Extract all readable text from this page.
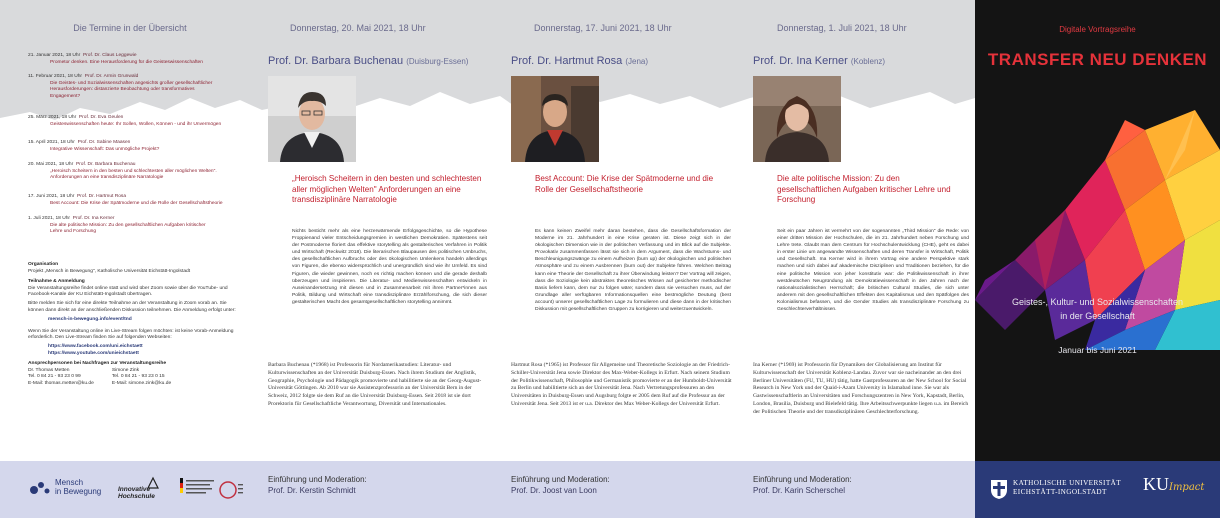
Die Termine in der Übersicht
21. Januar 2021, 18 Uhr Prof. Dr. Claus Leggewie
Prometor denken. Eine Herausforderung für die Geisteswissenschaften
11. Februar 2021, 18 Uhr Prof. Dr. Armin Grunwald
Die Geistes- und Sozialwissenschaften angesichts großer gesellschaftlicher Herausforderungen: distanzierte Beobachtung oder transformatives Engagement?
25. März 2021, 18 Uhr Prof. Dr. Eva Geulen
Geisteswissenschaften heute: Ihr Sollen, Wollen, Können - und ihr Unvermögen
15. April 2021, 18 Uhr Prof. Dr. Sabine Maasen
Integrative Wissenschaft: Das unmögliche Projekt?
20. Mai 2021, 18 Uhr Prof. Dr. Barbara Buchenau
„Heroisch Scheitern in den besten und schlechtesten aller möglichen Welten". Anforderungen an eine transdisziplinäre Narratologie
17. Juni 2021, 18 Uhr Prof. Dr. Hartmut Rosa
Best Account: Die Krise der Spätmoderne und die Rolle der Gesellschaftstheorie
1. Juli 2021, 18 Uhr Prof. Dr. Ina Kerner
Die alte politische Mission: Zu den gesellschaftlichen Aufgaben kritischer Lehre und Forschung
Organisation
Projekt „Mensch in Bewegung", Katholische Universität Eichstätt-Ingolstadt
Teilnahme & Anmeldung
Die Veranstaltungsreihe findet online statt und wird über Zoom sowie über die YouTube- und Facebook-Kanäle der KU Eichstätt-Ingolstadt übertragen.
Bitte melden Sie sich für eine direkte Teilnahme an der Veranstaltung in Zoom vorab an. Sie können dann direkt an der anschließenden Diskussion teilnehmen. Die Anmeldung erfolgt unter:
mensch-in-bewegung.info/event/tnd
Wenn Sie der Veranstaltung online im Live-Stream folgen möchten: ist keine Vorab-Anmeldung erforderlich. Den Live-Stream finden Sie auf folgenden Webseiten:
https://www.facebook.com/uni.eichstaett
https://www.youtube.com/unieichstaett
Ansprechpersonen bei Nachfragen zur Veranstaltungsreihe
Dr. Thomas Metten
Tel. 0 84 21 - 93 23 0 99
E-Mail: thomas.metten@ku.de
Simone Zink
Tel. 0 84 21 - 93 23 0 15
E-Mail: simone.zink@ku.de
Donnerstag, 20. Mai 2021, 18 Uhr
Prof. Dr. Barbara Buchenau (Duisburg-Essen)
„Heroisch Scheitern in den besten und schlechtesten aller möglichen Welten" Anforderungen an eine transdisziplinäre Narratologie
Nichts besticht mehr als eine herzerwärmende Erfolgsgeschichte, so die Hypothese Froppienand vieler Entscheidungsgremien in westlichen Demokratien. Spätestens seit der Postmoderne floriert das effektive storytelling als gestalterisches Verfahren in Politik und Wirtschaft (Reckwitz 2018). Die literarischen Blaupausen des politischen Umbruchs, des gesellschaftlichen Aufbruchs oder des ökologischen Umlenkens handeln allerdings von Figuren, die ebenso widersprüchlich und unergründlich sind wie ihr Umfeld. Es sind Figuren, die wieder gewinnen, noch es richtig machen können und die gerade deshalb überzeugen und inspirieren. Die Literatur- und Medienwissenschaften entwickeln in Auseinandersetzung mit diesen und in Zusammenarbeit mit ihren Partner*innen aus Politik, Bildung und Wirtschaft eine transdisziplinäre Erzählforschung, die sich dieser gestalterischen Macht des gesamtgesellschaftlichen storytelling annimmt.
Barbara Buchenau (*1968) ist Professorin für Nordamerikastudien: Literatur- und Kulturwissenschaften an der Universität Duisburg-Essen. Nach ihrem Studium der Anglistik, Geographie, Psychologie und Pädagogik promovierte und habilitierte sie an der Georg-August-Universität Göttingen. Ab 2010 war sie Assistenzprofessorin an der Universität Bern in der Schweiz, 2012 folgte sie dem Ruf an die Universität Duisburg-Essen. Seit 2018 ist sie dort Prorektorin für Gesellschaftliche Verantwortung, Diversität und Internationales.
Donnerstag, 17. Juni 2021, 18 Uhr
Prof. Dr. Hartmut Rosa (Jena)
Best Account: Die Krise der Spätmoderne und die Rolle der Gesellschaftstheorie
Es kann keinen Zweifel mehr daran bestehen, dass die Gesellschaftsformation der Moderne im 21. Jahrhundert in eine Krise geraten ist. Diese zeigt sich in der ökologischen Dimension wie in der politischen Verfassung und im Blick auf die Subjekte. Provokativ zusammenfassen lässt sie sich in dem Argument, dass die Wachstums- und Beschleunigungszwänge zu einem Aufheizen (burn up) der ökologischen und politischen Atmosphäre und zu einem Ausbrennen (burn out) der Subjekte führen. Welchen Beitrag kann eine Theorie der Gesellschaft zu ihrer Überwindung leisten? Der Vortrag will zeigen, dass die Soziologie kein abstraktes theoretisches Wissen auf gesicherter methodischer Basis liefern kann, dem nur zu folgen wäre; sondern dass sie versuchen muss, auf der Grundlage aller verfügbaren Informationsquellen eine bestmögliche Deutung (best account) unserer gesellschaftlichen Lage zu formulieren und diese dann in der kritischen Diskussion mit gesellschaftlichen Gruppen zu korrigieren und weiterzuentwickeln.
Hartmut Rosa (*1965) ist Professor für Allgemeine und Theoretische Soziologie an der Friedrich-Schiller-Universität Jena sowie Direktor des Max-Weber-Kollegs in Erfurt. Nach seinem Studium der Politikwissenschaft, Philosophie und Germanistik promovierte er an der Humboldt-Universität zu Berlin und habilitierte sich an der Universität Jena. Nach Vertretungsprofessuren an den Universitäten in Duisburg-Essen und Augsburg folgte er 2005 dem Ruf auf die Professur an der Universität Jena. Seit 2013 ist er u.a. Direktor des Max Weber-Kollegs der Universität Erfurt.
Donnerstag, 1. Juli 2021, 18 Uhr
Prof. Dr. Ina Kerner (Koblenz)
Die alte politische Mission: Zu den gesellschaftlichen Aufgaben kritischer Lehre und Forschung
Seit ein paar Jahren ist vermehrt von der sogenannten „Third Mission" die Rede: von einer dritten Mission der Hochschulen, die im 21. Jahrhundert neben Forschung und Lehre trete. Glaubt man dem Centrum für Hochschulentwicklung (CHE), geht es dabei in erster Linie um angewandte Wissenschaften und deren Transfer in Wirtschaft, Politik und Gesellschaft. Ina Kerner wird in ihrem Vortrag eine andere Perspektive stark machen und sich dabei auf akademische Disziplinen und Traditionen beziehen, für die eine politische Mission von jeher konstitutiv war: die Politikwissenschaft in ihrer westdeutschen Neugründung als Demokratiewissenschaft in den Jahren nach der nationalsozialistischen Herrschaft; die britischen Cultural Studies, die sich unter anderem mit den gesellschaftlichen Effekten des Kapitalismus und den Spätfolgen des Kolonialismus befassen, und die Gender Studies als transdisziplinäre Forschung zu Geschlechterverhältnissen.
Ina Kerner (*1969) ist Professorin für Dynamiken der Globalisierung am Institut für Kulturwissenschaft der Universität Koblenz-Landau. Zuvor war sie nacheinander an den drei Berliner Universitäten (FU, TU, HU) tätig, hatte Gastprofessuren an der New School for Social Research in New York und der Quaid-i-Azam University in Islamabad inne. Sie war als Gastwissenschaftlerin an Universitäten und Forschungszentren in New York, Kapstadt, Berlin, London, Brasilia, Duisburg und Bielefeld tätig. Ihre Arbeitsschwerpunkte liegen u.a. im Bereich der Politischen Theorie und der transdisziplinären Geschlechterforschung.
Mensch
in Bewegung	Innovative
Hochschule
Einführung und Moderation:
Prof. Dr. Kerstin Schmidt
Einführung und Moderation:
Prof. Dr. Joost van Loon
Einführung und Moderation:
Prof. Dr. Karin Scherschel
Digitale Vortragsreihe
TRANSFER NEU DENKEN
Geistes-, Kultur- und Sozialwissenschaften
in der Gesellschaft
Januar bis Juni 2021
KATHOLISCHE UNIVERSITÄT
EICHSTÄTT-INGOLSTADT	KUImpact
